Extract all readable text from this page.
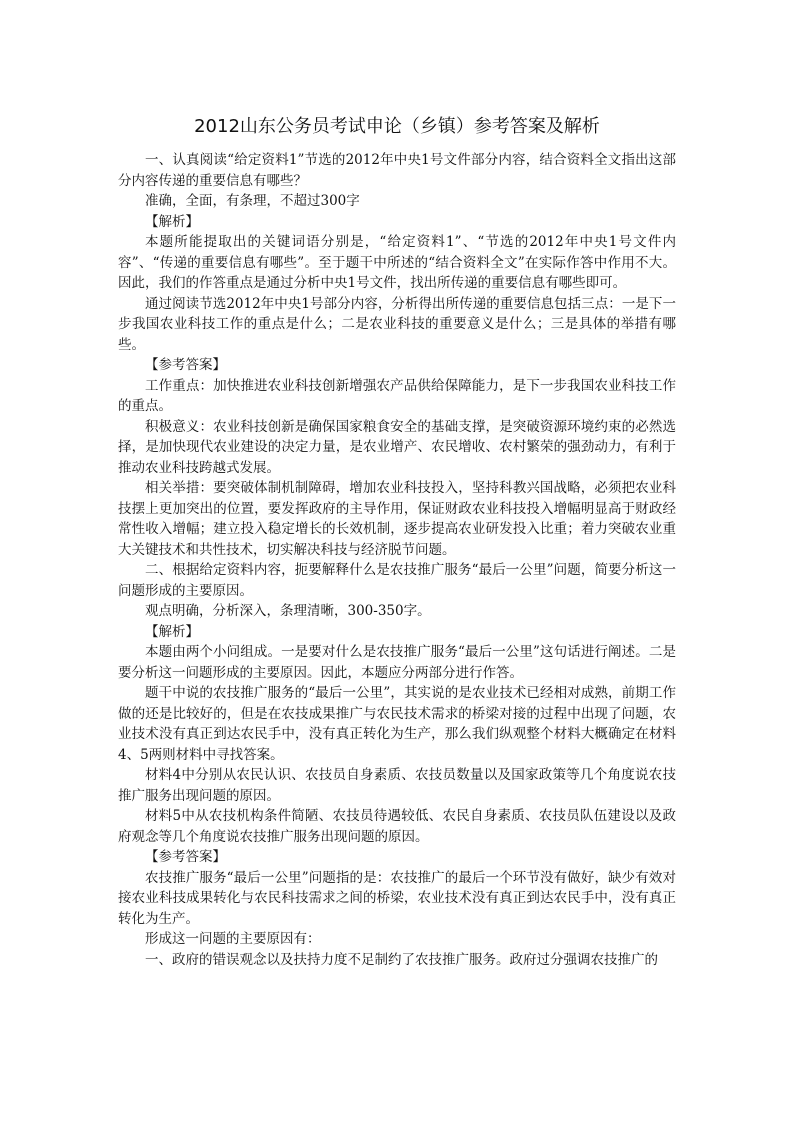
2012山东公务员考试申论（乡镇）参考答案及解析

一、认真阅读“给定资料1”节选的2012年中央1号文件部分内容，结合资料全文指出这部分内容传递的重要信息有哪些？

准确，全面，有条理，不超过300字

【解析】

本题所能提取出的关键词语分别是，“给定资料1”、“节选的2012年中央1号文件内容”、“传递的重要信息有哪些”。至于题干中所述的“结合资料全文”在实际作答中作用不大。因此，我们的作答重点是通过分析中央1号文件，找出所传递的重要信息有哪些即可。

通过阅读节选2012年中央1号部分内容，分析得出所传递的重要信息包括三点：一是下一步我国农业科技工作的重点是什么；二是农业科技的重要意义是什么；三是具体的举措有哪些。

【参考答案】

工作重点：加快推进农业科技创新增强农产品供给保障能力，是下一步我国农业科技工作的重点。

积极意义：农业科技创新是确保国家粮食安全的基础支撑，是突破资源环境约束的必然选择，是加快现代农业建设的决定力量，是农业增产、农民增收、农村繁荣的强劲动力，有利于推动农业科技跨越式发展。

相关举措：要突破体制机制障碍，增加农业科技投入，坚持科教兴国战略，必须把农业科技摆上更加突出的位置，要发挥政府的主导作用，保证财政农业科技投入增幅明显高于财政经常性收入增幅；建立投入稳定增长的长效机制，逐步提高农业研发投入比重；着力突破农业重大关键技术和共性技术，切实解决科技与经济脱节问题。

二、根据给定资料内容，扼要解释什么是农技推广服务“最后一公里”问题，简要分析这一问题形成的主要原因。

观点明确，分析深入，条理清晰，300-350字。

【解析】

本题由两个小问组成。一是要对什么是农技推广服务“最后一公里”这句话进行阐述。二是要分析这一问题形成的主要原因。因此，本题应分两部分进行作答。

题干中说的农技推广服务的“最后一公里”，其实说的是农业技术已经相对成熟，前期工作做的还是比较好的，但是在农技成果推广与农民技术需求的桥梁对接的过程中出现了问题，农业技术没有真正到达农民手中，没有真正转化为生产，那么我们纵观整个材料大概确定在材料4、5两则材料中寻找答案。

材料4中分别从农民认识、农技员自身素质、农技员数量以及国家政策等几个角度说农技推广服务出现问题的原因。

材料5中从农技机构条件简陋、农技员待遇较低、农民自身素质、农技员队伍建设以及政府观念等几个角度说农技推广服务出现问题的原因。

【参考答案】

农技推广服务“最后一公里”问题指的是：农技推广的最后一个环节没有做好，缺少有效对接农业科技成果转化与农民科技需求之间的桥梁，农业技术没有真正到达农民手中，没有真正转化为生产。

形成这一问题的主要原因有：

一、政府的错误观念以及扶持力度不足制约了农技推广服务。政府过分强调农技推广的
